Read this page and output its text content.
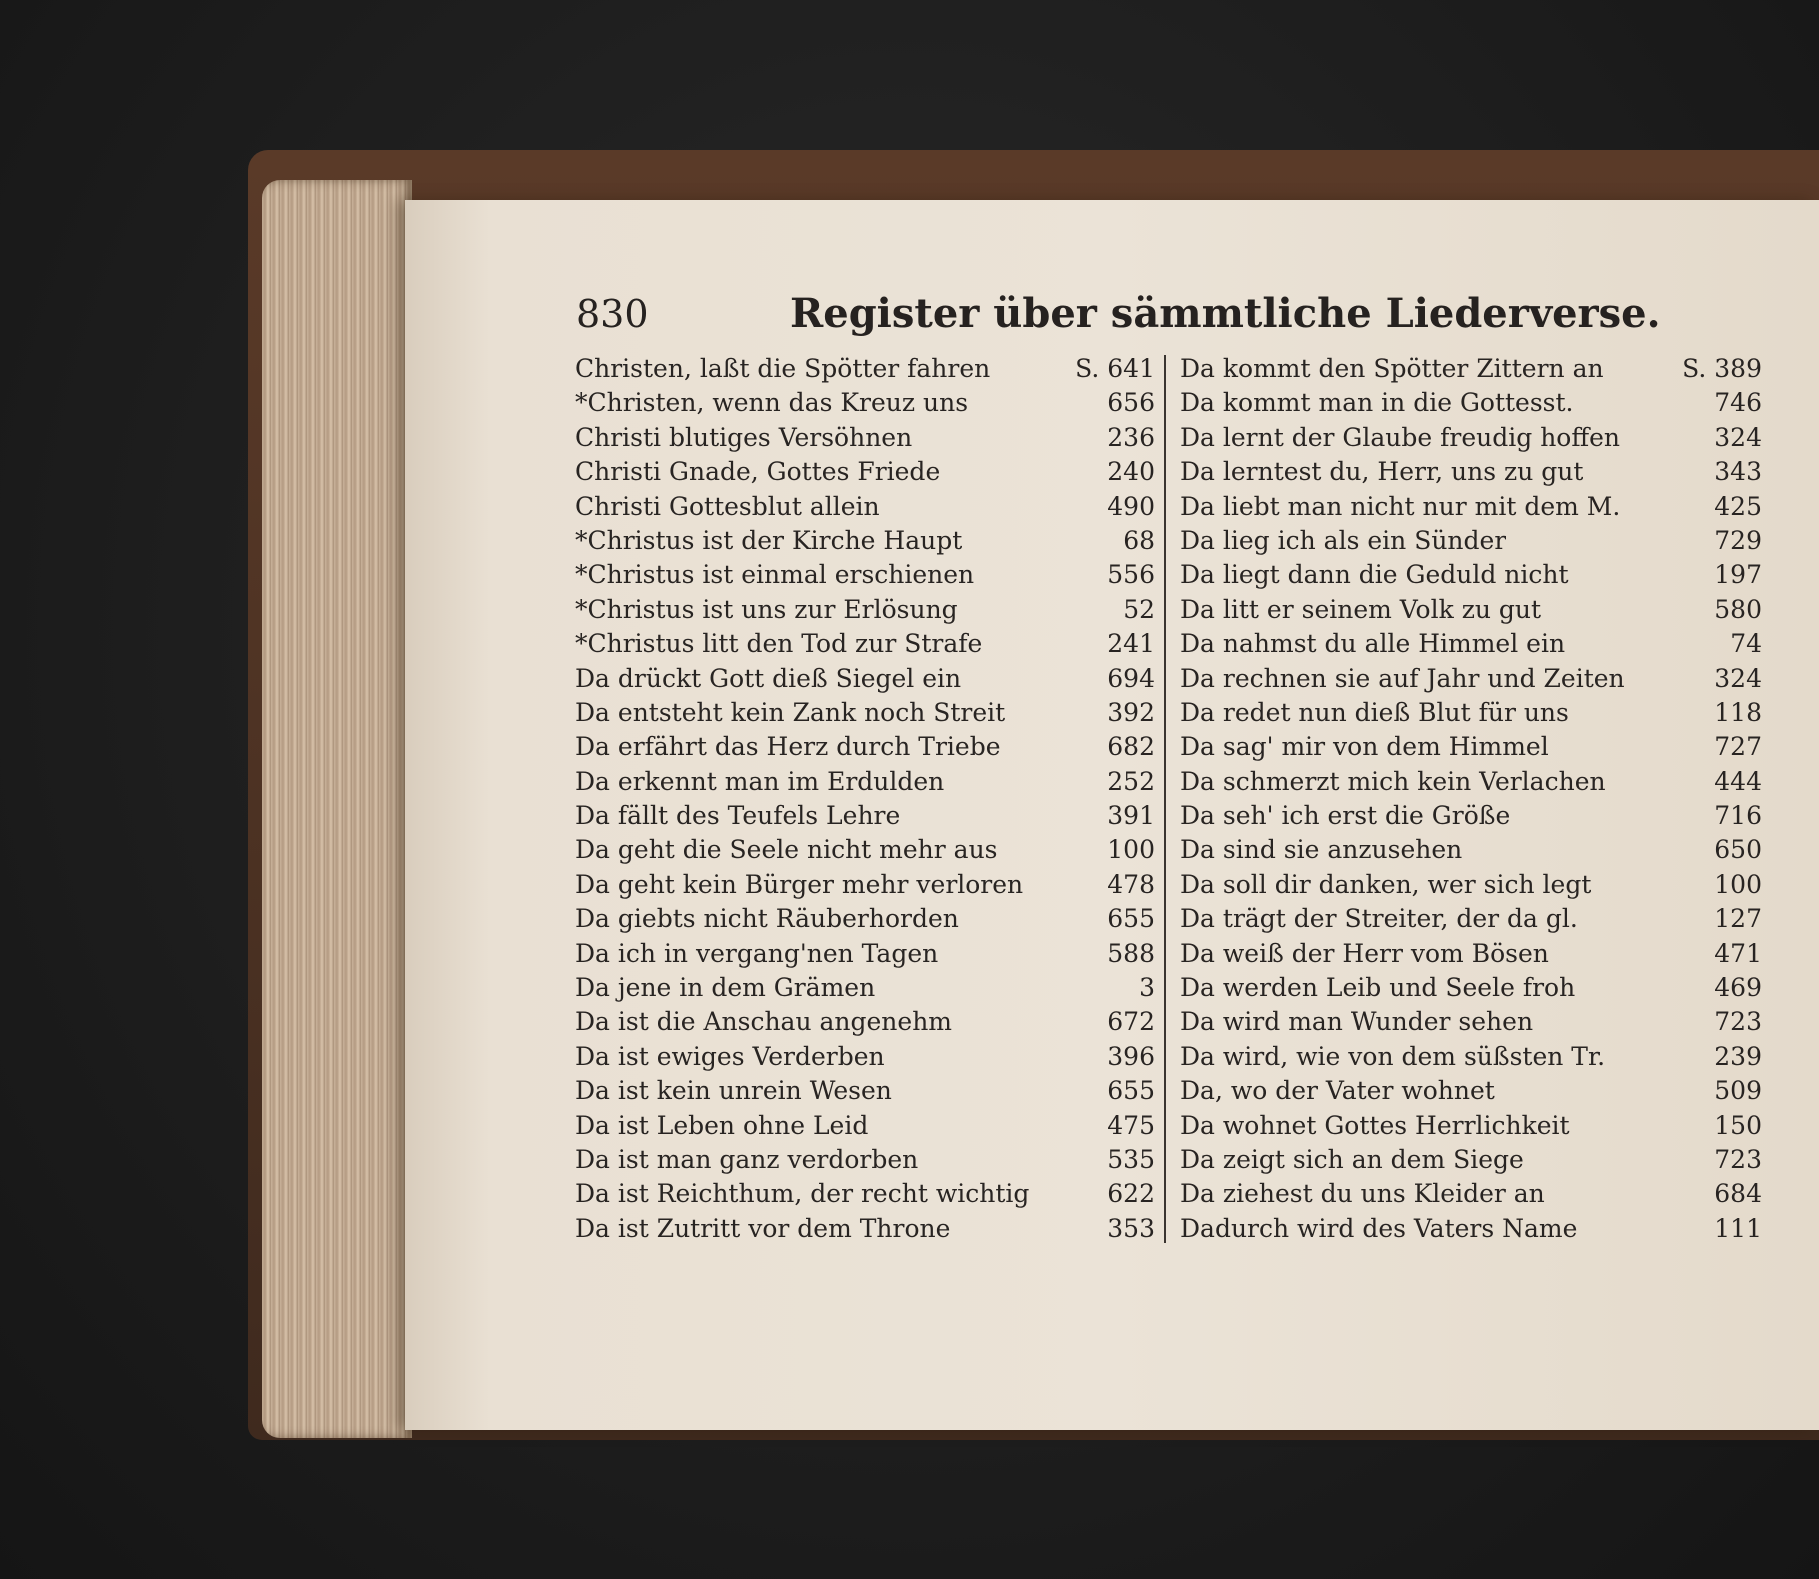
830	Register über sämmtliche Liederverse.
Christen, laßt die Spötter fahren	S. 641
*Christen, wenn das Kreuz uns	656
Christi blutiges Versöhnen	236
Christi Gnade, Gottes Friede	240
Christi Gottesblut allein	490
*Christus ist der Kirche Haupt	68
*Christus ist einmal erschienen	556
*Christus ist uns zur Erlösung	52
*Christus litt den Tod zur Strafe	241
Da drückt Gott dieß Siegel ein	694
Da entsteht kein Zank noch Streit	392
Da erfährt das Herz durch Triebe	682
Da erkennt man im Erdulden	252
Da fällt des Teufels Lehre	391
Da geht die Seele nicht mehr aus	100
Da geht kein Bürger mehr verloren	478
Da giebts nicht Räuberhorden	655
Da ich in vergang'nen Tagen	588
Da jene in dem Grämen	3
Da ist die Anschau angenehm	672
Da ist ewiges Verderben	396
Da ist kein unrein Wesen	655
Da ist Leben ohne Leid	475
Da ist man ganz verdorben	535
Da ist Reichthum, der recht wichtig	622
Da ist Zutritt vor dem Throne	353
Da kommt den Spötter Zittern an	S. 389
Da kommt man in die Gottesst.	746
Da lernt der Glaube freudig hoffen	324
Da lerntest du, Herr, uns zu gut	343
Da liebt man nicht nur mit dem M.	425
Da lieg ich als ein Sünder	729
Da liegt dann die Geduld nicht	197
Da litt er seinem Volk zu gut	580
Da nahmst du alle Himmel ein	74
Da rechnen sie auf Jahr und Zeiten	324
Da redet nun dieß Blut für uns	118
Da sag' mir von dem Himmel	727
Da schmerzt mich kein Verlachen	444
Da seh' ich erst die Größe	716
Da sind sie anzusehen	650
Da soll dir danken, wer sich legt	100
Da trägt der Streiter, der da gl.	127
Da weiß der Herr vom Bösen	471
Da werden Leib und Seele froh	469
Da wird man Wunder sehen	723
Da wird, wie von dem süßsten Tr.	239
Da, wo der Vater wohnet	509
Da wohnet Gottes Herrlichkeit	150
Da zeigt sich an dem Siege	723
Da ziehest du uns Kleider an	684
Dadurch wird des Vaters Name	111
